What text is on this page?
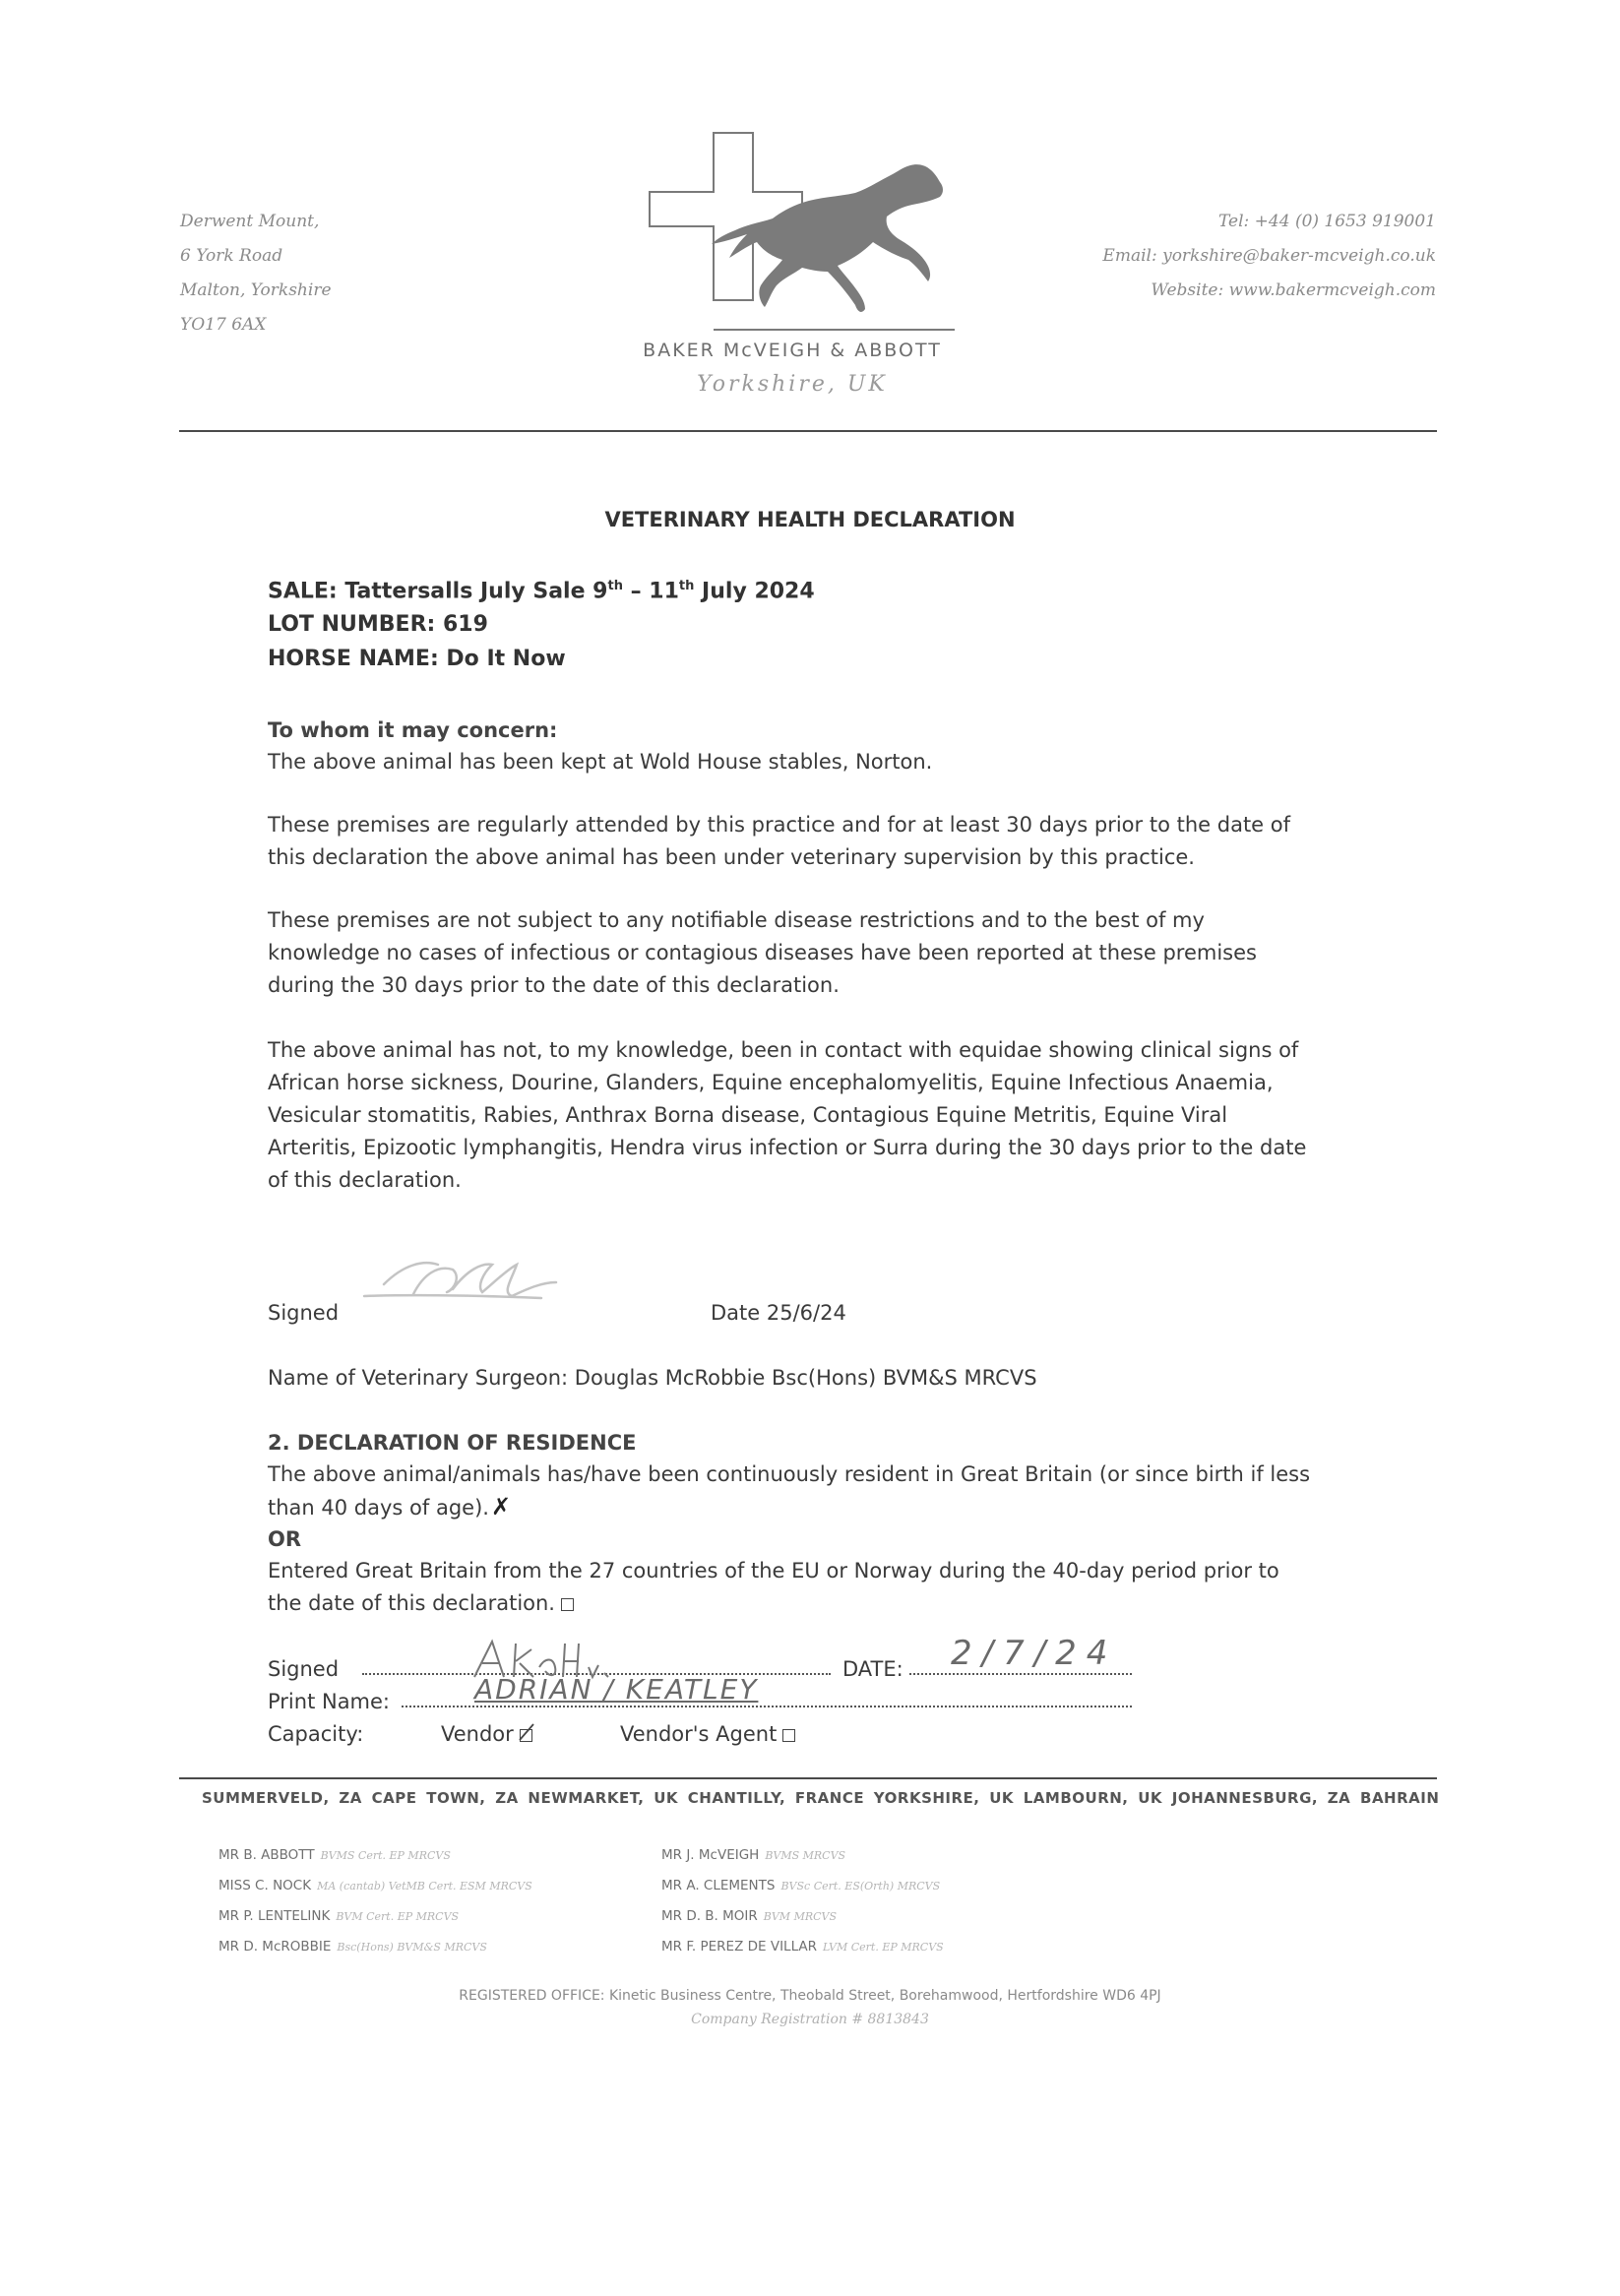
Derwent Mount,
6 York Road
Malton, Yorkshire
YO17 6AX
BAKER McVEIGH & ABBOTT
Yorkshire, UK
Tel: +44 (0) 1653 919001
Email: yorkshire@baker-mcveigh.co.uk
Website: www.bakermcveigh.com
VETERINARY HEALTH DECLARATION
SALE: Tattersalls July Sale 9th – 11th July 2024
LOT NUMBER: 619
HORSE NAME: Do It Now
To whom it may concern:
The above animal has been kept at Wold House stables, Norton.
These premises are regularly attended by this practice and for at least 30 days prior to the date of
this declaration the above animal has been under veterinary supervision by this practice.
These premises are not subject to any notifiable disease restrictions and to the best of my
knowledge no cases of infectious or contagious diseases have been reported at these premises
during the 30 days prior to the date of this declaration.
The above animal has not, to my knowledge, been in contact with equidae showing clinical signs of
African horse sickness, Dourine, Glanders, Equine encephalomyelitis, Equine Infectious Anaemia,
Vesicular stomatitis, Rabies, Anthrax Borna disease, Contagious Equine Metritis, Equine Viral
Arteritis, Epizootic lymphangitis, Hendra virus infection or Surra during the 30 days prior to the date
of this declaration.
Signed	Date 25/6/24
Name of Veterinary Surgeon: Douglas McRobbie Bsc(Hons) BVM&S MRCVS
2. DECLARATION OF RESIDENCE
The above animal/animals has/have been continuously resident in Great Britain (or since birth if less
than 40 days of age).✗
OR
Entered Great Britain from the 27 countries of the EU or Norway during the 40-day period prior to
the date of this declaration.
Signed	DATE: 2/7/24
Print Name:	ADRIAN / KEATLEY
Capacity:	Vendor	Vendor's Agent
SUMMERVELD, ZA CAPE TOWN, ZA NEWMARKET, UK CHANTILLY, FRANCE YORKSHIRE, UK LAMBOURN, UK JOHANNESBURG, ZA BAHRAIN
MR B. ABBOTT BVMS Cert. EP MRCVS
MISS C. NOCK MA (cantab) VetMB Cert. ESM MRCVS
MR P. LENTELINK BVM Cert. EP MRCVS
MR D. McROBBIE Bsc(Hons) BVM&S MRCVS
MR J. McVEIGH BVMS MRCVS
MR A. CLEMENTS BVSc Cert. ES(Orth) MRCVS
MR D. B. MOIR BVM MRCVS
MR F. PEREZ DE VILLAR LVM Cert. EP MRCVS
REGISTERED OFFICE: Kinetic Business Centre, Theobald Street, Borehamwood, Hertfordshire WD6 4PJ
Company Registration # 8813843
